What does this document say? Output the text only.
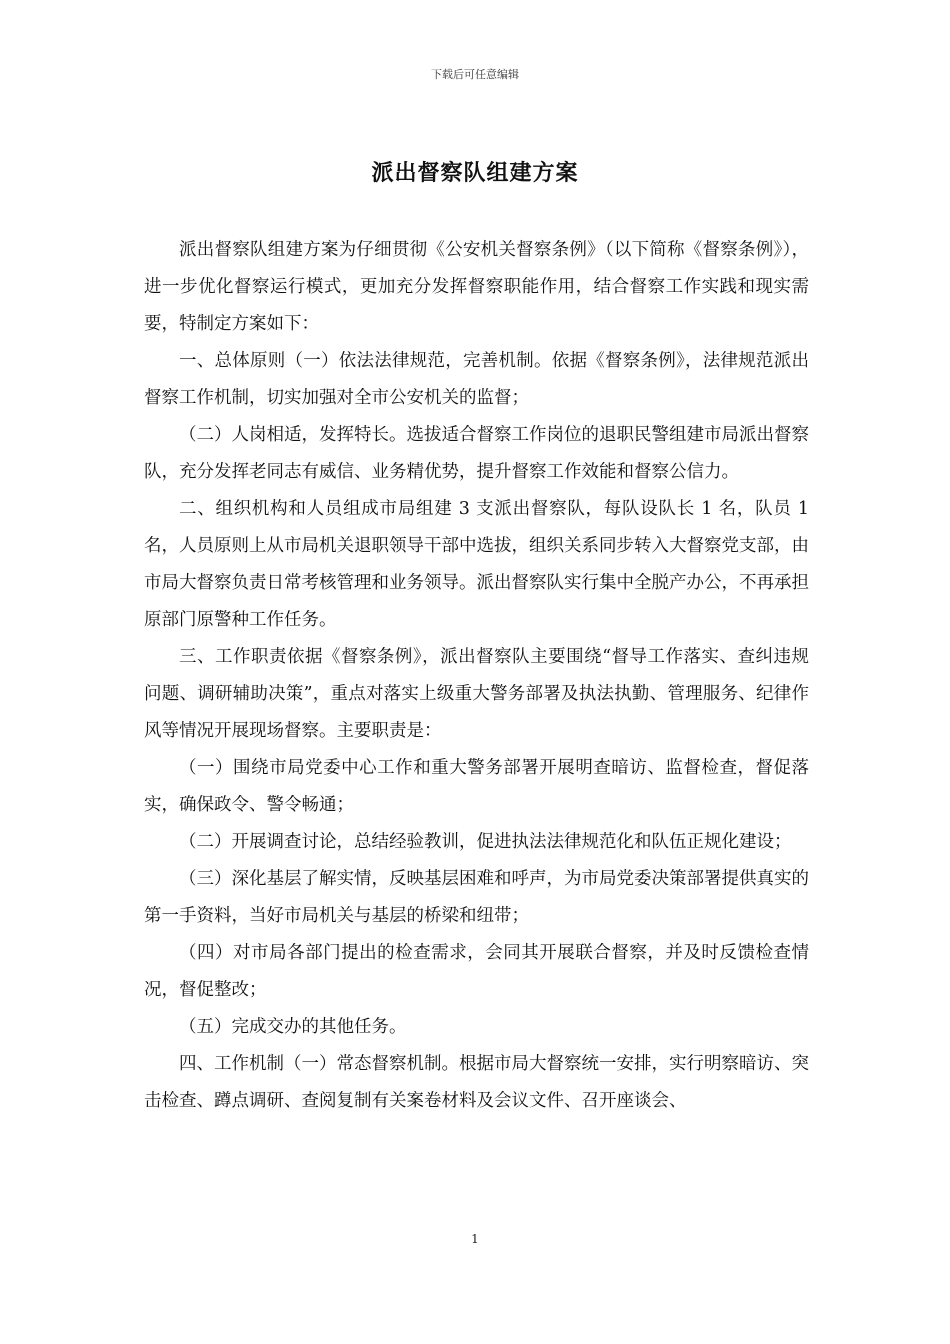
下载后可任意编辑
派出督察队组建方案

派出督察队组建方案为仔细贯彻《公安机关督察条例》（以下简称《督察条例》），进一步优化督察运行模式，更加充分发挥督察职能作用，结合督察工作实践和现实需要，特制定方案如下：

一、总体原则（一）依法法律规范，完善机制。依据《督察条例》，法律规范派出督察工作机制，切实加强对全市公安机关的监督；

（二）人岗相适，发挥特长。选拔适合督察工作岗位的退职民警组建市局派出督察队，充分发挥老同志有威信、业务精优势，提升督察工作效能和督察公信力。

二、组织机构和人员组成市局组建 3 支派出督察队，每队设队长 1 名，队员 1 名，人员原则上从市局机关退职领导干部中选拔，组织关系同步转入大督察党支部，由市局大督察负责日常考核管理和业务领导。派出督察队实行集中全脱产办公，不再承担原部门原警种工作任务。

三、工作职责依据《督察条例》，派出督察队主要围绕“督导工作落实、查纠违规问题、调研辅助决策”，重点对落实上级重大警务部署及执法执勤、管理服务、纪律作风等情况开展现场督察。主要职责是：

（一）围绕市局党委中心工作和重大警务部署开展明查暗访、监督检查，督促落实，确保政令、警令畅通；

（二）开展调查讨论，总结经验教训，促进执法法律规范化和队伍正规化建设；

（三）深化基层了解实情，反映基层困难和呼声，为市局党委决策部署提供真实的第一手资料，当好市局机关与基层的桥梁和纽带；

（四）对市局各部门提出的检查需求，会同其开展联合督察，并及时反馈检查情况，督促整改；

（五）完成交办的其他任务。

四、工作机制（一）常态督察机制。根据市局大督察统一安排，实行明察暗访、突击检查、蹲点调研、查阅复制有关案卷材料及会议文件、召开座谈会、

1
